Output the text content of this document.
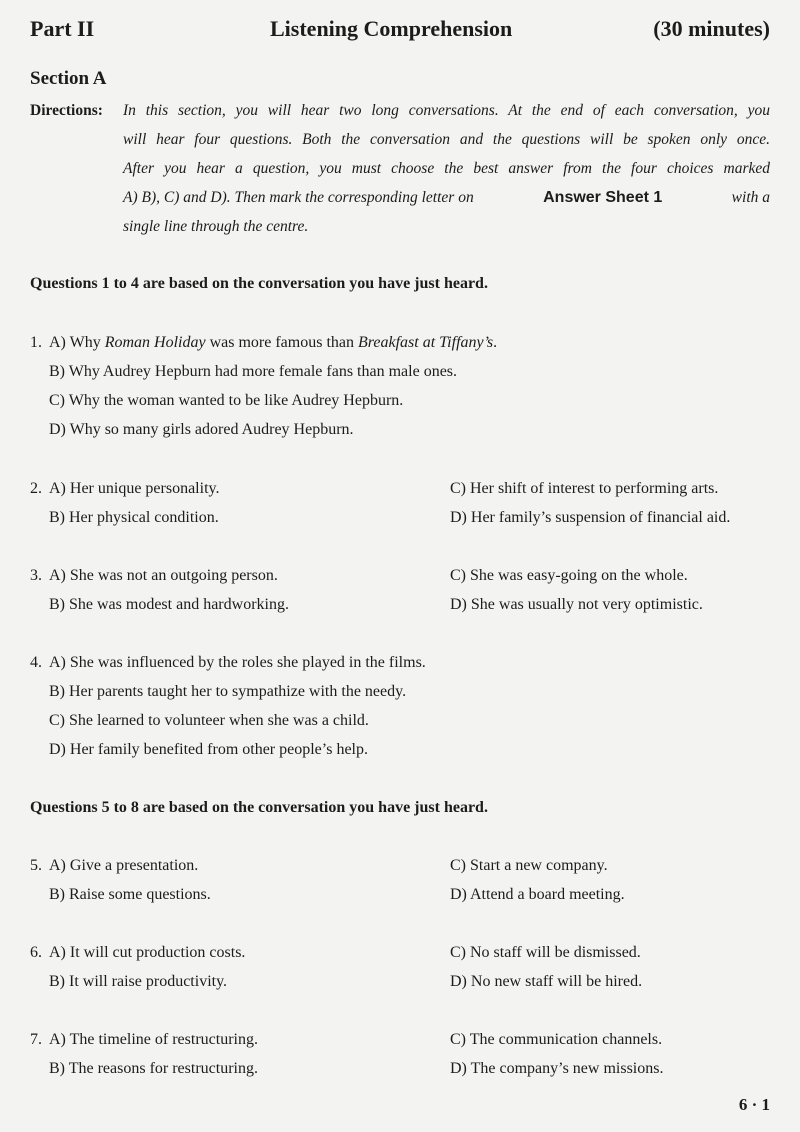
Part II	Listening Comprehension	(30 minutes)
Section A
Directions: In this section, you will hear two long conversations. At the end of each conversation, you
will hear four questions. Both the conversation and the questions will be spoken only once.
After you hear a question, you must choose the best answer from the four choices marked
A) B), C) and D). Then mark the corresponding letter on	Answer Sheet 1	with a
single line through the centre.
Questions 1 to 4 are based on the conversation you have just heard.
1. A) Why Roman Holiday was more famous than Breakfast at Tiffany’s.
B) Why Audrey Hepburn had more female fans than male ones.
C) Why the woman wanted to be like Audrey Hepburn.
D) Why so many girls adored Audrey Hepburn.
2. A) Her unique personality.
B) Her physical condition.
C) Her shift of interest to performing arts.
D) Her family’s suspension of financial aid.
3. A) She was not an outgoing person.
B) She was modest and hardworking.
C) She was easy-going on the whole.
D) She was usually not very optimistic.
4. A) She was influenced by the roles she played in the films.
B) Her parents taught her to sympathize with the needy.
C) She learned to volunteer when she was a child.
D) Her family benefited from other people’s help.
Questions 5 to 8 are based on the conversation you have just heard.
5. A) Give a presentation.
B) Raise some questions.
C) Start a new company.
D) Attend a board meeting.
6. A) It will cut production costs.
B) It will raise productivity.
C) No staff will be dismissed.
D) No new staff will be hired.
7. A) The timeline of restructuring.
B) The reasons for restructuring.
C) The communication channels.
D) The company’s new missions.
6 · 1
